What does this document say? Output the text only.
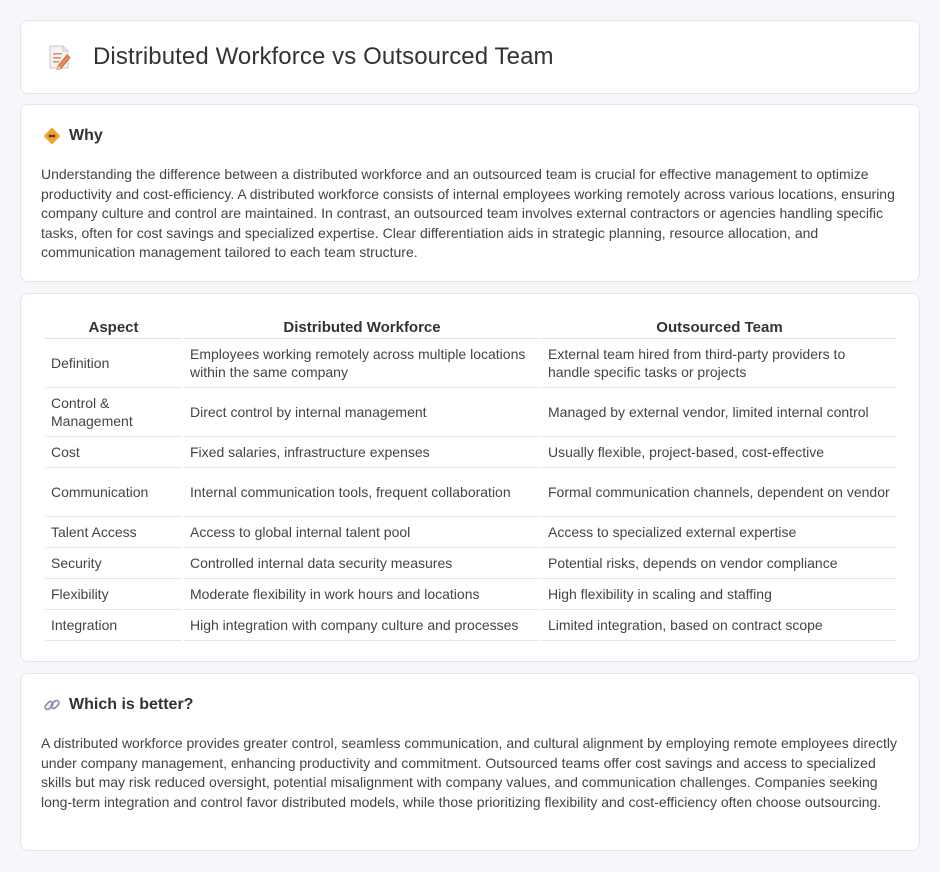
Distributed Workforce vs Outsourced Team
Why

Understanding the difference between a distributed workforce and an outsourced team is crucial for effective management to optimize productivity and cost-efficiency. A distributed workforce consists of internal employees working remotely across various locations, ensuring company culture and control are maintained. In contrast, an outsourced team involves external contractors or agencies handling specific tasks, often for cost savings and specialized expertise. Clear differentiation aids in strategic planning, resource allocation, and communication management tailored to each team structure.

Aspect	Distributed Workforce	Outsourced Team
Definition	Employees working remotely across multiple locations within the same company	External team hired from third-party providers to handle specific tasks or projects
Control & Management	Direct control by internal management	Managed by external vendor, limited internal control
Cost	Fixed salaries, infrastructure expenses	Usually flexible, project-based, cost-effective
Communication	Internal communication tools, frequent collaboration	Formal communication channels, dependent on vendor
Talent Access	Access to global internal talent pool	Access to specialized external expertise
Security	Controlled internal data security measures	Potential risks, depends on vendor compliance
Flexibility	Moderate flexibility in work hours and locations	High flexibility in scaling and staffing
Integration	High integration with company culture and processes	Limited integration, based on contract scope
Which is better?

A distributed workforce provides greater control, seamless communication, and cultural alignment by employing remote employees directly under company management, enhancing productivity and commitment. Outsourced teams offer cost savings and access to specialized skills but may risk reduced oversight, potential misalignment with company values, and communication challenges. Companies seeking long-term integration and control favor distributed models, while those prioritizing flexibility and cost-efficiency often choose outsourcing.
